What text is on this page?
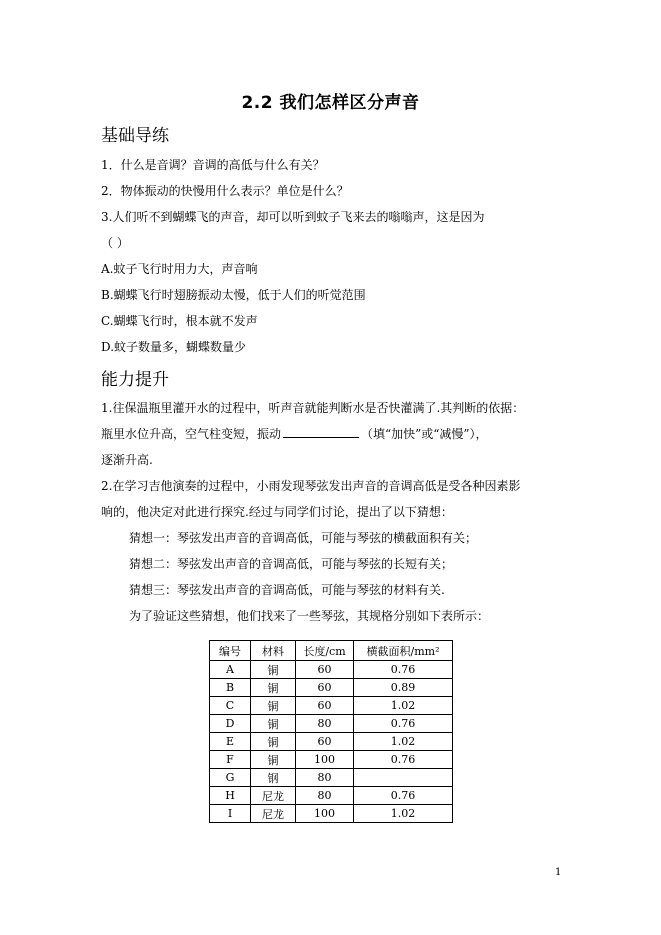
2.2 我们怎样区分声音
基础导练
1．什么是音调？音调的高低与什么有关？
2．物体振动的快慢用什么表示？单位是什么？
3.人们听不到蝴蝶飞的声音，却可以听到蚊子飞来去的嗡嗡声，这是因为
（ ）
A.蚊子飞行时用力大，声音响
B.蝴蝶飞行时翅膀振动太慢，低于人们的听觉范围
C.蝴蝶飞行时，根本就不发声
D.蚊子数量多，蝴蝶数量少
能力提升
1.往保温瓶里灌开水的过程中，听声音就能判断水是否快灌满了.其判断的依据：
瓶里水位升高，空气柱变短，振动	（填“加快”或“减慢”），
逐渐升高.
2.在学习吉他演奏的过程中，小雨发现琴弦发出声音的音调高低是受各种因素影
响的，他决定对此进行探究.经过与同学们讨论，提出了以下猜想：
猜想一：琴弦发出声音的音调高低，可能与琴弦的横截面积有关；
猜想二：琴弦发出声音的音调高低，可能与琴弦的长短有关；
猜想三：琴弦发出声音的音调高低，可能与琴弦的材料有关.
为了验证这些猜想，他们找来了一些琴弦，其规格分别如下表所示：
编号	材料	长度/cm	横截面积/mm²
A	铜	60	0.76
B	铜	60	0.89
C	铜	60	1.02
D	铜	80	0.76
E	铜	60	1.02
F	铜	100	0.76
G	钢	80	
H	尼龙	80	0.76
I	尼龙	100	1.02
1
